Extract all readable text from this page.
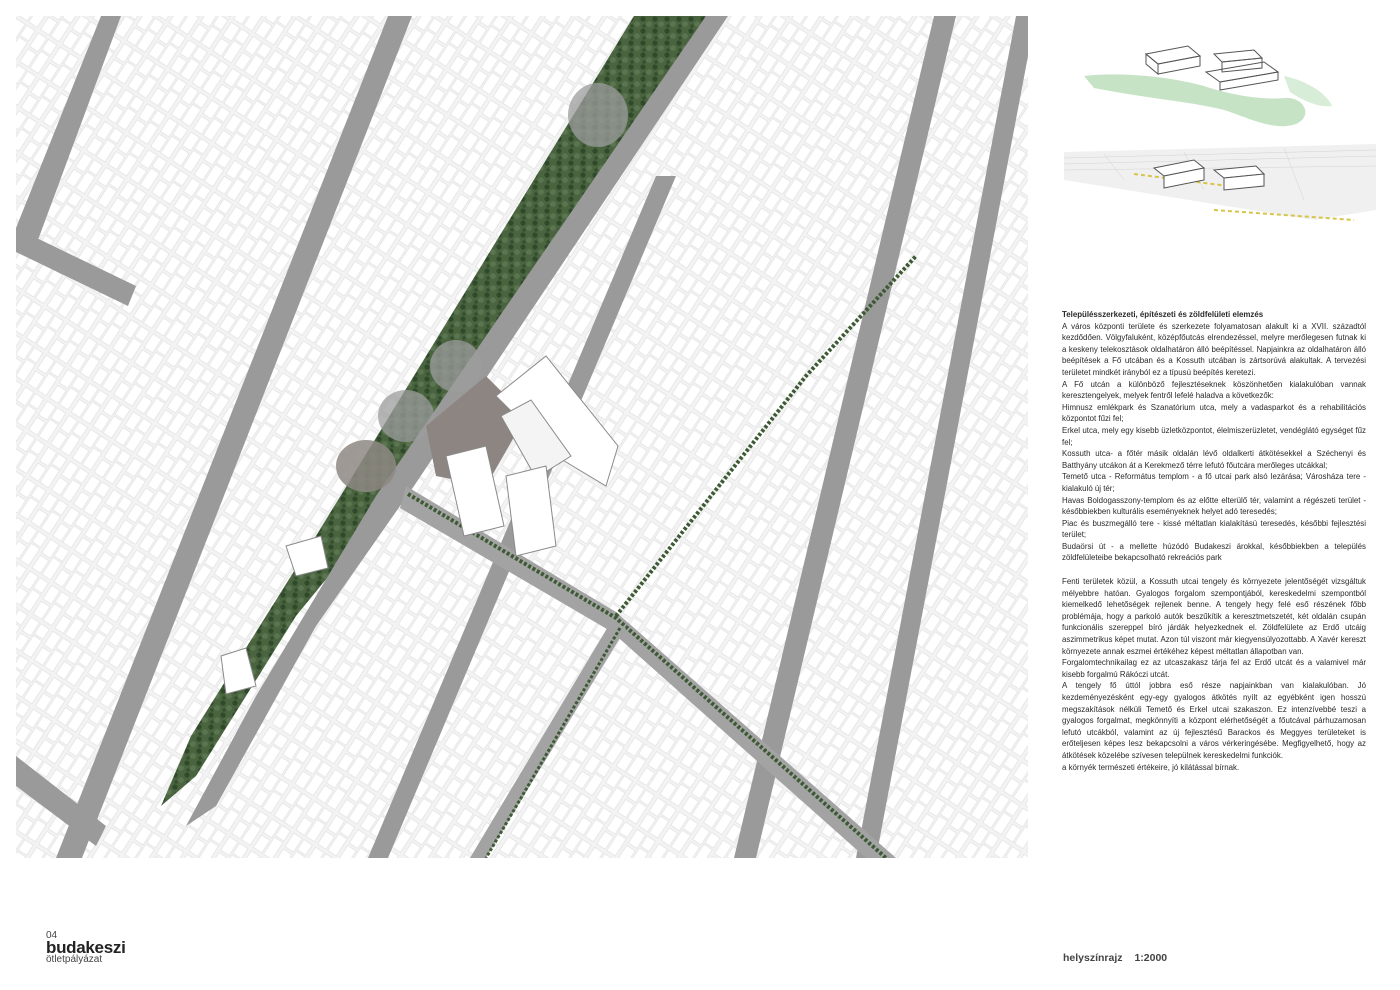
Településszerkezeti, építészeti és zöldfelületi elemzés

A város központi területe és szerkezete folyamatosan alakult ki a XVII. századtól kezdődően. Völgyfaluként, középfőutcás elrendezéssel, melyre merőlegesen futnak ki a keskeny telekosztások oldalhatáron álló beépítéssel. Napjainkra az oldalhatáron álló beépítések a Fő utcában és a Kossuth utcában is zártsorúvá alakultak. A tervezési területet mindkét irányból ez a típusú beépítés keretezi.

A Fő utcán a különböző fejlesztéseknek köszönhetően kialakulóban vannak keresztengelyek, melyek fentről lefelé haladva a következők:

Himnusz emlékpark és Szanatórium utca, mely a vadasparkot és a rehabilitációs központot fűzi fel;

Erkel utca, mely egy kisebb üzletközpontot, élelmiszerüzletet, vendéglátó egységet fűz fel;

Kossuth utca- a főtér másik oldalán lévő oldalkerti átkötésekkel a Széchenyi és Batthyány utcákon át a Kerekmező térre lefutó főutcára merőleges utcákkal;

Temető utca - Református templom - a fő utcai park alsó lezárása; Városháza tere -kialakuló új tér;

Havas Boldogasszony-templom és az előtte elterülő tér, valamint a régészeti terület -későbbiekben kulturális eseményeknek helyet adó teresedés;

Piac és buszmegálló tere - kissé méltatlan kialakítású teresedés, későbbi fejlesztési terület;

Budaörsi út - a mellette húzódó Budakeszi árokkal, későbbiekben a település zöldfelületeibe bekapcsolható rekreációs park

Fenti területek közül, a Kossuth utcai tengely és környezete jelentőségét vizsgáltuk mélyebbre hatóan. Gyalogos forgalom szempontjából, kereskedelmi szempontból kiemelkedő lehetőségek rejlenek benne. A tengely hegy felé eső részének főbb problémája, hogy a parkoló autók beszűkítik a keresztmetszetét, két oldalán csupán funkcionális szereppel bíró járdák helyezkednek el. Zöldfelülete az Erdő utcáig aszimmetrikus képet mutat. Azon túl viszont már kiegyensúlyozottabb. A Xavér kereszt környezete annak eszmei értékéhez képest méltatlan állapotban van.

Forgalomtechnikailag ez az utcaszakasz tárja fel az Erdő utcát és a valamivel már kisebb forgalmú Rákóczi utcát.

A tengely fő úttól jobbra eső része napjainkban van kialakulóban. Jó kezdeményezésként egy-egy gyalogos átkötés nyílt az egyébként igen hosszú megszakítások nélküli Temető és Erkel utcai szakaszon. Ez intenzívebbé teszi a gyalogos forgalmat, megkönnyíti a központ elérhetőségét a főutcával párhuzamosan lefutó utcákból, valamint az új fejlesztésű Barackos és Meggyes területeket is erőteljesen képes lesz bekapcsolni a város vérkeringésébe. Megfigyelhető, hogy az átkötések közelébe szívesen települnek kereskedelmi funkciók.

a környék természeti értékeire, jó kilátással bírnak.

04
budakeszi
ötletpályázat	helyszínrajz 1:2000
